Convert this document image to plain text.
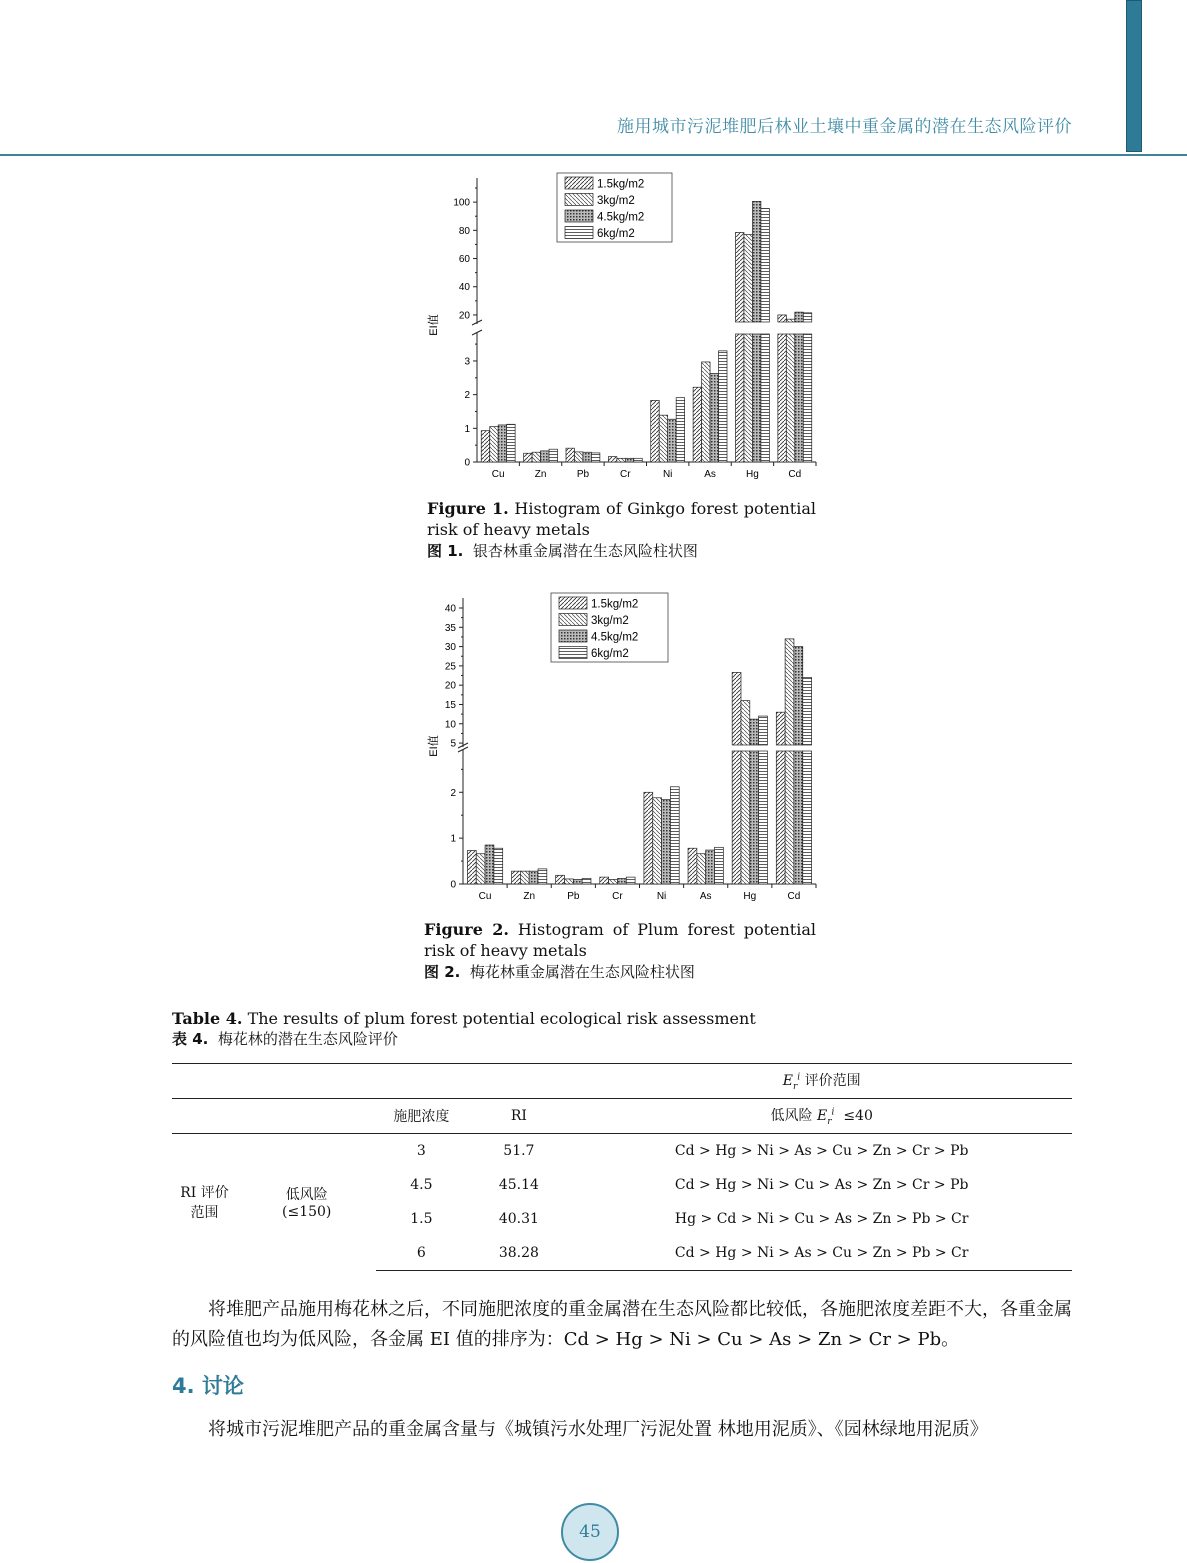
施用城市污泥堆肥后林业土壤中重金属的潜在生态风险评价
0
1
2
3
20
40
60
80
100
EI值
Cu	Zn	Pb	Cr	Ni	As	Hg	Cd
1.5kg/m2
3kg/m2
4.5kg/m2
6kg/m2
Figure 1. Histogram of Ginkgo forest potential risk of heavy metals
图 1. 银杏林重金属潜在生态风险柱状图
0
1
2
5
10
15
20
25
30
35
40
EI值
Cu	Zn	Pb	Cr	Ni	As	Hg	Cd
1.5kg/m2
3kg/m2
4.5kg/m2
6kg/m2
Figure 2. Histogram of Plum forest potential risk of heavy metals
图 2. 梅花林重金属潜在生态风险柱状图
Table 4. The results of plum forest potential ecological risk assessment
表 4. 梅花林的潜在生态风险评价
				$E_r^i$ 评价范围
		施肥浓度	RI	低风险 $E_r^i \le 40$
RI 评价范围	低风险 (≤150)	3	51.7	Cd > Hg > Ni > As > Cu > Zn > Cr > Pb
		4.5	45.14	Cd > Hg > Ni > Cu > As > Zn > Cr > Pb
		1.5	40.31	Hg > Cd > Ni > Cu > As > Zn > Pb > Cr
		6	38.28	Cd > Hg > Ni > As > Cu > Zn > Pb > Cr
将堆肥产品施用梅花林之后，不同施肥浓度的重金属潜在生态风险都比较低，各施肥浓度差距不大，各重金属的风险值也均为低风险，各金属 EI 值的排序为：Cd > Hg > Ni > Cu > As > Zn > Cr > Pb。
4. 讨论
将城市污泥堆肥产品的重金属含量与《城镇污水处理厂污泥处置 林地用泥质》、《园林绿地用泥质》
45
